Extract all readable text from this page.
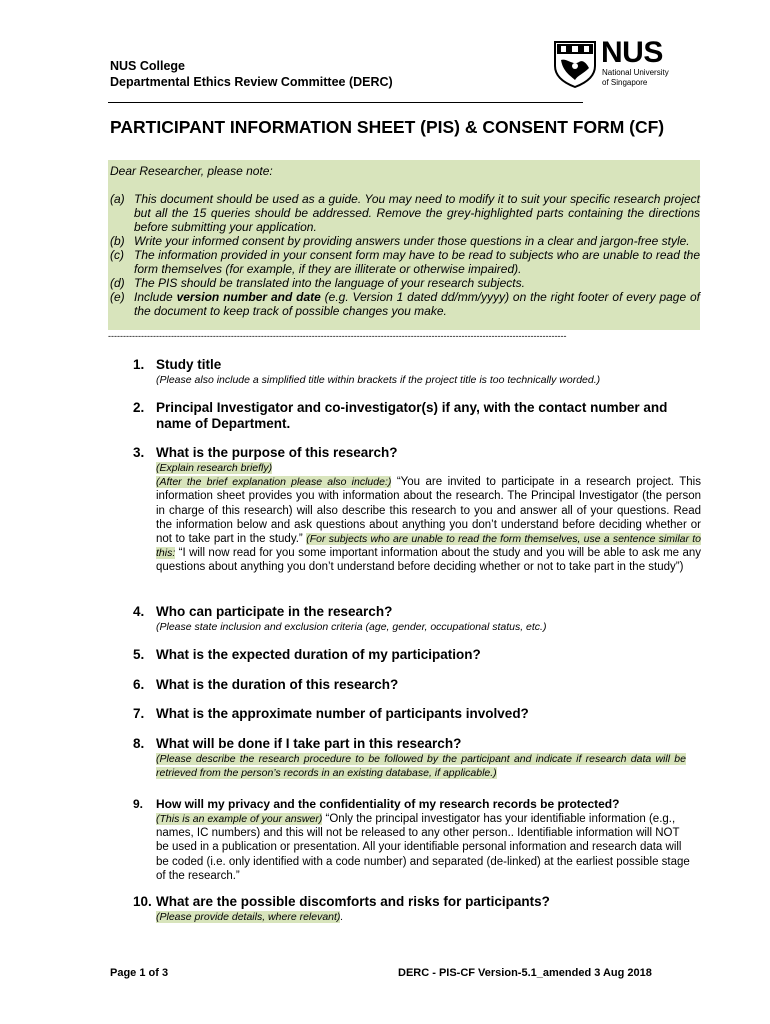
NUS College
Departmental Ethics Review Committee (DERC)
NUS
National University
of Singapore
PARTICIPANT INFORMATION SHEET (PIS) & CONSENT FORM (CF)
Dear Researcher, please note:
(a) This document should be used as a guide. You may need to modify it to suit your specific research project but all the 15 queries should be addressed. Remove the grey-highlighted parts containing the directions before submitting your application.
(b) Write your informed consent by providing answers under those questions in a clear and jargon-free style.
(c) The information provided in your consent form may have to be read to subjects who are unable to read the form themselves (for example, if they are illiterate or otherwise impaired).
(d) The PIS should be translated into the language of your research subjects.
(e) Include version number and date (e.g. Version 1 dated dd/mm/yyyy) on the right footer of every page of the document to keep track of possible changes you make.
---------------------------------------------------------------------------------------------------------------------------------------------------------
1. Study title
(Please also include a simplified title within brackets if the project title is too technically worded.)
2. Principal Investigator and co-investigator(s) if any, with the contact number and name of Department.
3. What is the purpose of this research?
(Explain research briefly)
(After the brief explanation please also include:) “You are invited to participate in a research project. This information sheet provides you with information about the research. The Principal Investigator (the person in charge of this research) will also describe this research to you and answer all of your questions. Read the information below and ask questions about anything you don’t understand before deciding whether or not to take part in the study.” (For subjects who are unable to read the form themselves, use a sentence similar to this: “I will now read for you some important information about the study and you will be able to ask me any questions about anything you don’t understand before deciding whether or not to take part in the study”)
4. Who can participate in the research?
(Please state inclusion and exclusion criteria (age, gender, occupational status, etc.)
5. What is the expected duration of my participation?
6. What is the duration of this research?
7. What is the approximate number of participants involved?
8. What will be done if I take part in this research?
(Please describe the research procedure to be followed by the participant and indicate if research data will be retrieved from the person’s records in an existing database, if applicable.)
9.	How will my privacy and the confidentiality of my research records be protected?
(This is an example of your answer) “Only the principal investigator has your identifiable information (e.g., names, IC numbers) and this will not be released to any other person.. Identifiable information will NOT be used in a publication or presentation. All your identifiable personal information and research data will be coded (i.e. only identified with a code number) and separated (de-linked) at the earliest possible stage of the research.”
10. What are the possible discomforts and risks for participants?
(Please provide details, where relevant).
Page 1 of 3	DERC - PIS-CF Version-5.1_amended 3 Aug 2018
